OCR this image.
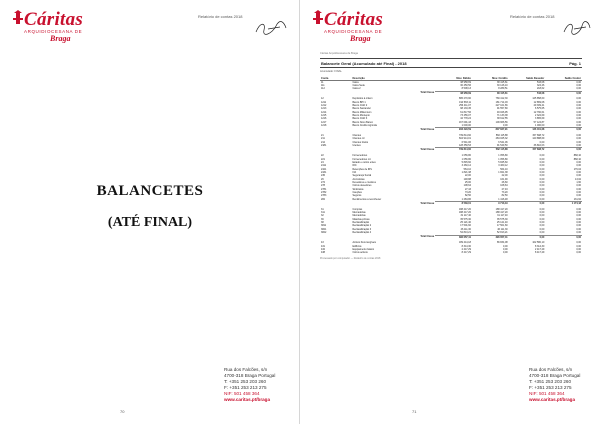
Cáritas
ARQUIDIOCESANA DE
Braga
Relatório de contas 2018
BALANCETES
(ATÉ FINAL)
Rua dos Falcões, s/n
4700-318 Braga Portugal
T: +351 253 203 260
F: +351 253 213 275
NIF: 501 458 364
www.caritas.pt/braga
70
Cáritas
ARQUIDIOCESANA DE
Braga
Relatório de contas 2018
Cáritas Arquidiocesana de Braga
Balancete Geral (Acumulado até Final) - 2018	Pág. 1
Acumulado: FINAL
Conta	Descrição	Mov. Débito	Mov. Crédito	Saldo Devedor	Saldo Credor
11	Caixa	38 958,69	38 415,61	543,08	0,00
111	Caixa Sede	30 450,56	30 126,10	324,46	0,00
112	Caixa 2	8 508,13	8 289,51	218,62	0,00
	Total Classe	38 958,69	38 415,61	543,08	0,00

12	Depósitos à ordem	895 270,90	769 412,30	125 858,60	0,00
1211	Banco BPI 1	194 583,11	181 714,03	12 869,08	0,00
1212	Banco CGD 2	256 411,07	227 101,66	29 309,41	0,00
1213	Banco Santander	98 133,45	91 557,80	6 575,65	0,00
1214	Banco Millennium	61 817,56	49 026,95	12 790,61	0,00
1215	Banco Montepio	73 456,07	71 133,38	2 322,69	0,00
1216	Banco CGD 3	42 778,24	38 912,55	3 865,69	0,00
1217	Banco Novo Banco	167 091,43	109 966,56	57 124,87	0,00
1218	Banco Crédito Agrícola	1 000,00	0,00	1 000,00	0,00
	Total Classe	933 229,59	807 827,91	126 401,68	0,00

21	Clientes	739 814,60	582 115,88	157 698,72	0,00
211	Clientes c/c	604 914,01	484 025,32	120 888,69	0,00
212	Clientes títulos	6 541,06	6 541,06	0,00	0,00
2181	Utentes	128 359,53	91 549,50	36 810,03	0,00
	Total Classe	739 814,60	582 115,88	157 698,72	0,00

22	Fornecedores	1 056,80	1 056,80	0,00	868,10
221	Fornecedores c/c	1 056,80	1 056,80	0,00	868,10
24	Estado e outros entes	5 845,60	5 845,60	0,00	0,00
2411	IRC	3 460,12	3 460,12	0,00	0,00
2421	Retenções de IRS	564,10	564,10	0,00	176,04
2431	IVA	1 821,38	1 821,38	0,00	0,00
245	Segurança Social	22,00	22,00	0,00	0,00
26	Accionistas	148,88	161,90	0,00	13,02
272	Devedores e credores	25,00	26,60	0,00	1,60
278	Outros devedores	108,64	108,64	0,00	0,00
2781	Sindicatos	27,43	27,43	0,00	0,00
2782	Cauções	73,20	73,20	0,00	0,00
2783	Seguros	82,50	82,50	0,00	0,00
282	Rendimentos a reconhecer	1 284,86	1 416,48	0,00	131,62
	Total Classe	8 539,01	9 713,19	0,00	1 174,18

31	Compras	188 417,20	188 417,20	0,00	0,00
311	Mercadorias	188 417,20	188 417,20	0,00	0,00
32	Mercadorias	31 117,40	31 117,40	0,00	0,00
36	Matérias-primas	35 575,30	35 575,30	0,00	0,00
38	Reclassificação	25 121,40	25 121,40	0,00	0,00
3811	Reclassificação 2	17 501,60	17 501,60	0,00	0,00
3821	Reclassificação 3	46 111,30	46 111,30	0,00	0,00
3822	Reclassificação 4	52 813,21	52 813,21	0,00	0,00
	Total Classe	396 657,41	396 657,41	0,00	0,00

43	Activos fixos tangíveis	189 414,18	86 834,08	102 580,10	0,00
431	Edifícios	8 314,30	0,00	8 314,30	0,00
432	Equipamento básico	2 417,29	0,00	2 417,29	0,00
438	Outros activos	8 417,29	0,00	8 417,29	0,00
Processado por computador — Relatório de contas 2018
Rua dos Falcões, s/n
4700-318 Braga Portugal
T: +351 253 203 260
F: +351 253 213 275
NIF: 501 458 364
www.caritas.pt/braga
71
